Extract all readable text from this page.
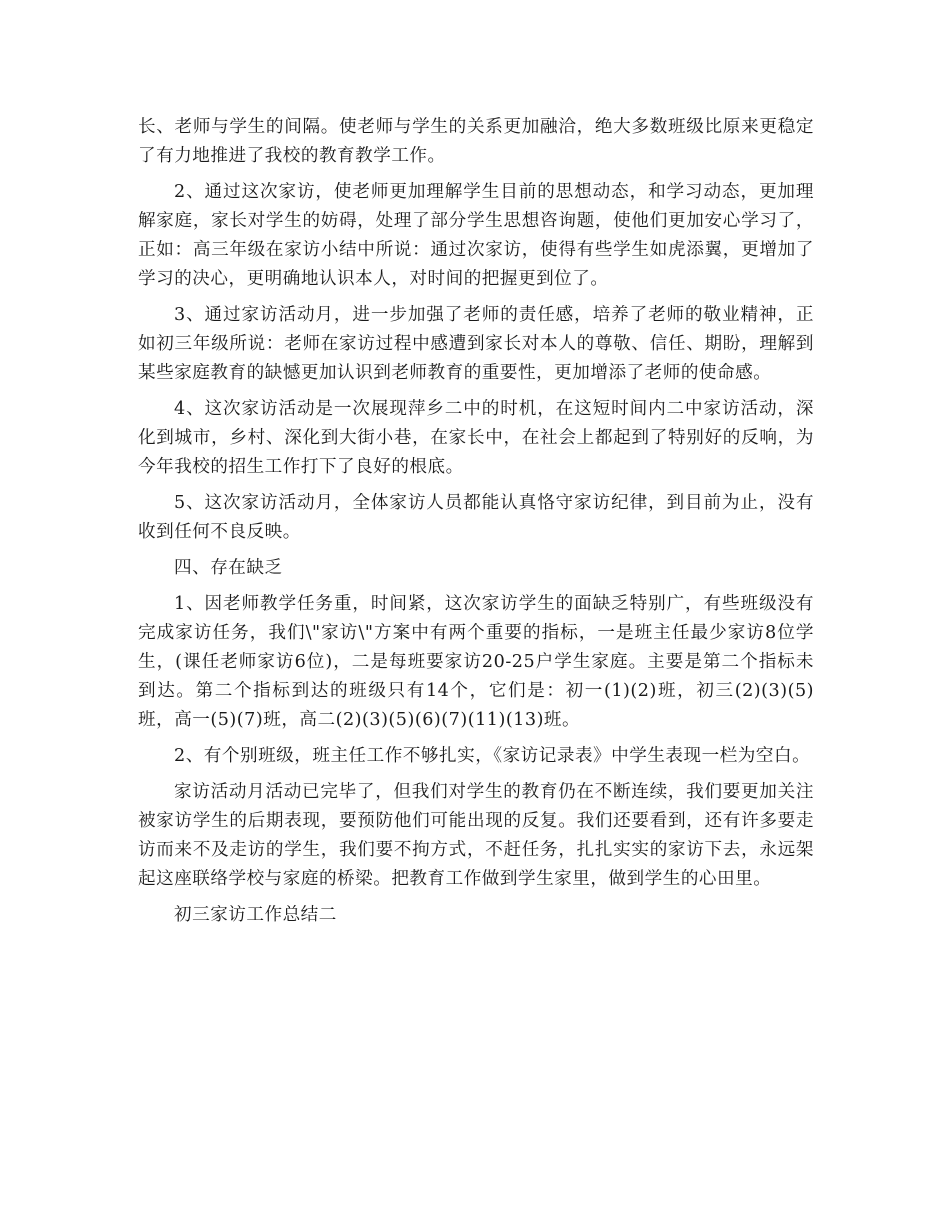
长、老师与学生的间隔。使老师与学生的关系更加融洽，绝大多数班级比原来更稳定了有力地推进了我校的教育教学工作。

2、通过这次家访，使老师更加理解学生目前的思想动态，和学习动态，更加理解家庭，家长对学生的妨碍，处理了部分学生思想咨询题，使他们更加安心学习了，正如：高三年级在家访小结中所说：通过次家访，使得有些学生如虎添翼，更增加了学习的决心，更明确地认识本人，对时间的把握更到位了。

3、通过家访活动月，进一步加强了老师的责任感，培养了老师的敬业精神，正如初三年级所说：老师在家访过程中感遭到家长对本人的尊敬、信任、期盼，理解到某些家庭教育的缺憾更加认识到老师教育的重要性，更加增添了老师的使命感。

4、这次家访活动是一次展现萍乡二中的时机，在这短时间内二中家访活动，深化到城市，乡村、深化到大街小巷，在家长中，在社会上都起到了特别好的反响，为今年我校的招生工作打下了良好的根底。

5、这次家访活动月，全体家访人员都能认真恪守家访纪律，到目前为止，没有收到任何不良反映。

四、存在缺乏

1、因老师教学任务重，时间紧，这次家访学生的面缺乏特别广，有些班级没有完成家访任务，我们\"家访\"方案中有两个重要的指标，一是班主任最少家访8位学生，(课任老师家访6位)，二是每班要家访20-25户学生家庭。主要是第二个指标未到达。第二个指标到达的班级只有14个，它们是：初一(1)(2)班，初三(2)(3)(5)班，高一(5)(7)班，高二(2)(3)(5)(6)(7)(11)(13)班。

2、有个别班级，班主任工作不够扎实，《家访记录表》中学生表现一栏为空白。

家访活动月活动已完毕了，但我们对学生的教育仍在不断连续，我们要更加关注被家访学生的后期表现，要预防他们可能出现的反复。我们还要看到，还有许多要走访而来不及走访的学生，我们要不拘方式，不赶任务，扎扎实实的家访下去，永远架起这座联络学校与家庭的桥梁。把教育工作做到学生家里，做到学生的心田里。

初三家访工作总结二
